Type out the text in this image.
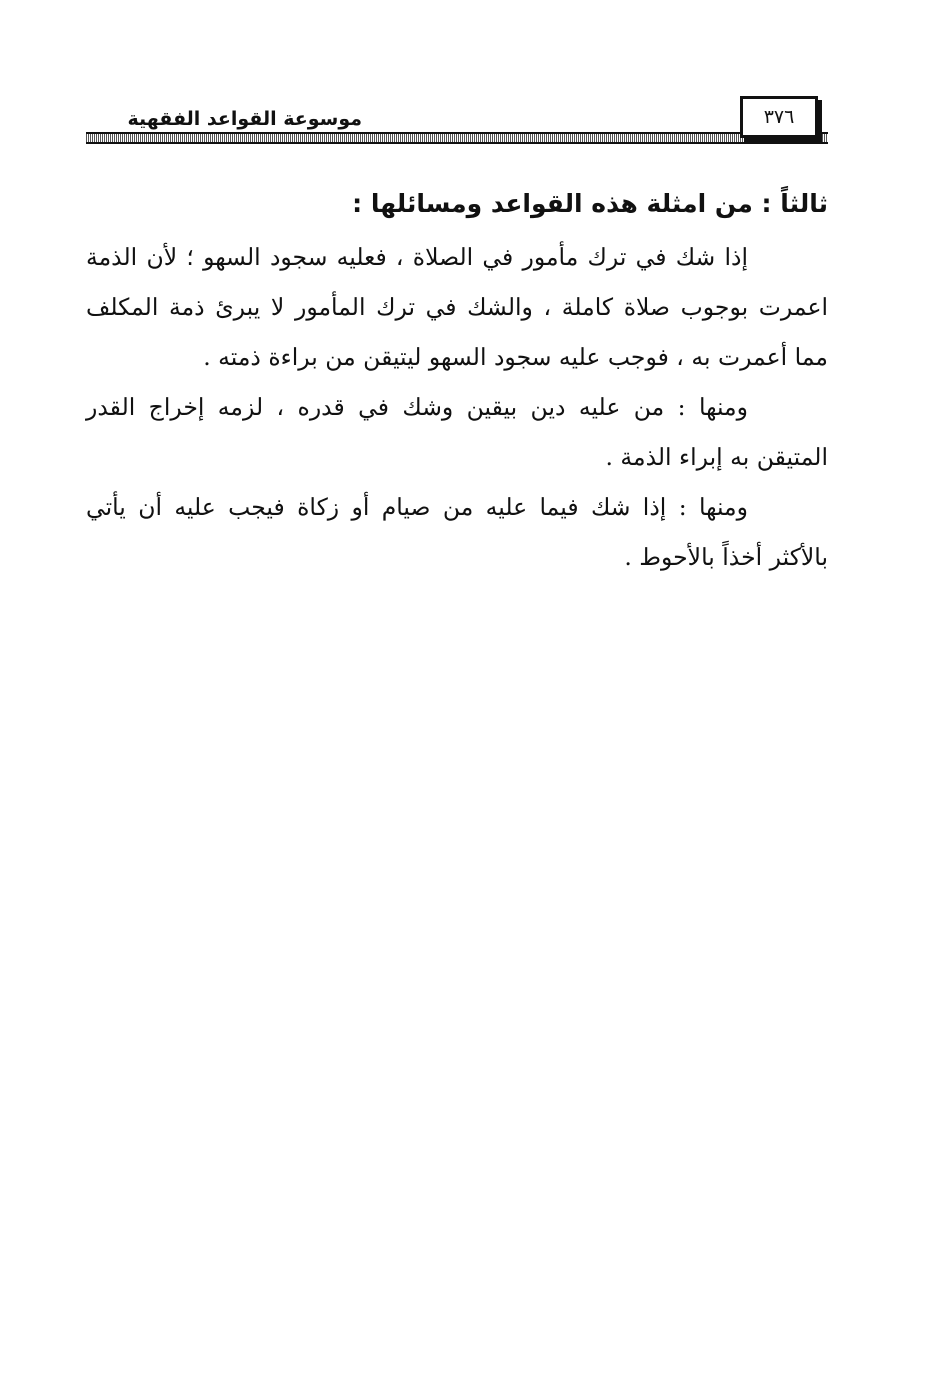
موسوعة القواعد الفقهية	٣٧٦
ثالثاً : من امثلة هذه القواعد ومسائلها :

إذا شك في ترك مأمور في الصلاة ، فعليه سجود السهو ؛ لأن الذمة اعمرت بوجوب صلاة كاملة ، والشك في ترك المأمور لا يبرئ ذمة المكلف مما أعمرت به ، فوجب عليه سجود السهو ليتيقن من براءة ذمته .

ومنها : من عليه دين بيقين وشك في قدره ، لزمه إخراج القدر المتيقن به إبراء الذمة .

ومنها : إذا شك فيما عليه من صيام أو زكاة فيجب عليه أن يأتي بالأكثر أخذاً بالأحوط .
